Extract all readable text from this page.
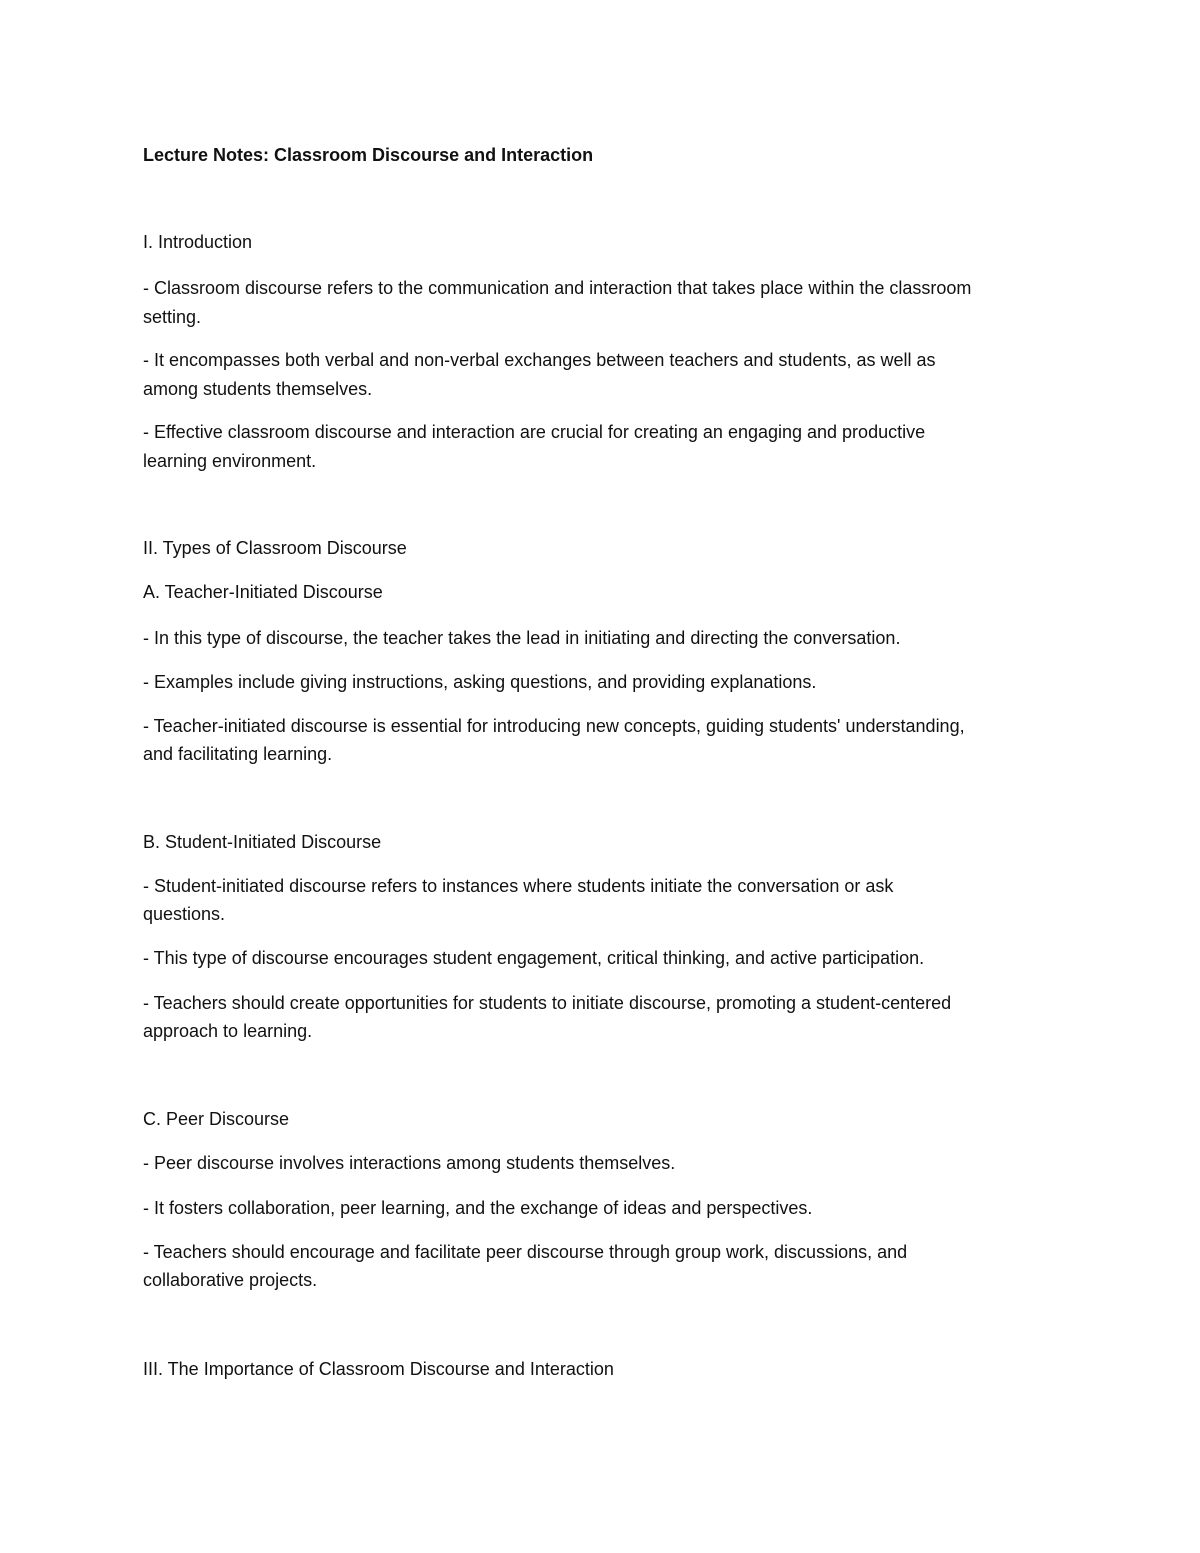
Lecture Notes: Classroom Discourse and Interaction

I. Introduction

- Classroom discourse refers to the communication and interaction that takes place within the classroom

setting.

- It encompasses both verbal and non-verbal exchanges between teachers and students, as well as

among students themselves.

- Effective classroom discourse and interaction are crucial for creating an engaging and productive

learning environment.

II. Types of Classroom Discourse

A. Teacher-Initiated Discourse

- In this type of discourse, the teacher takes the lead in initiating and directing the conversation.

- Examples include giving instructions, asking questions, and providing explanations.

- Teacher-initiated discourse is essential for introducing new concepts, guiding students' understanding,

and facilitating learning.

B. Student-Initiated Discourse

- Student-initiated discourse refers to instances where students initiate the conversation or ask

questions.

- This type of discourse encourages student engagement, critical thinking, and active participation.

- Teachers should create opportunities for students to initiate discourse, promoting a student-centered

approach to learning.

C. Peer Discourse

- Peer discourse involves interactions among students themselves.

- It fosters collaboration, peer learning, and the exchange of ideas and perspectives.

- Teachers should encourage and facilitate peer discourse through group work, discussions, and

collaborative projects.

III. The Importance of Classroom Discourse and Interaction
